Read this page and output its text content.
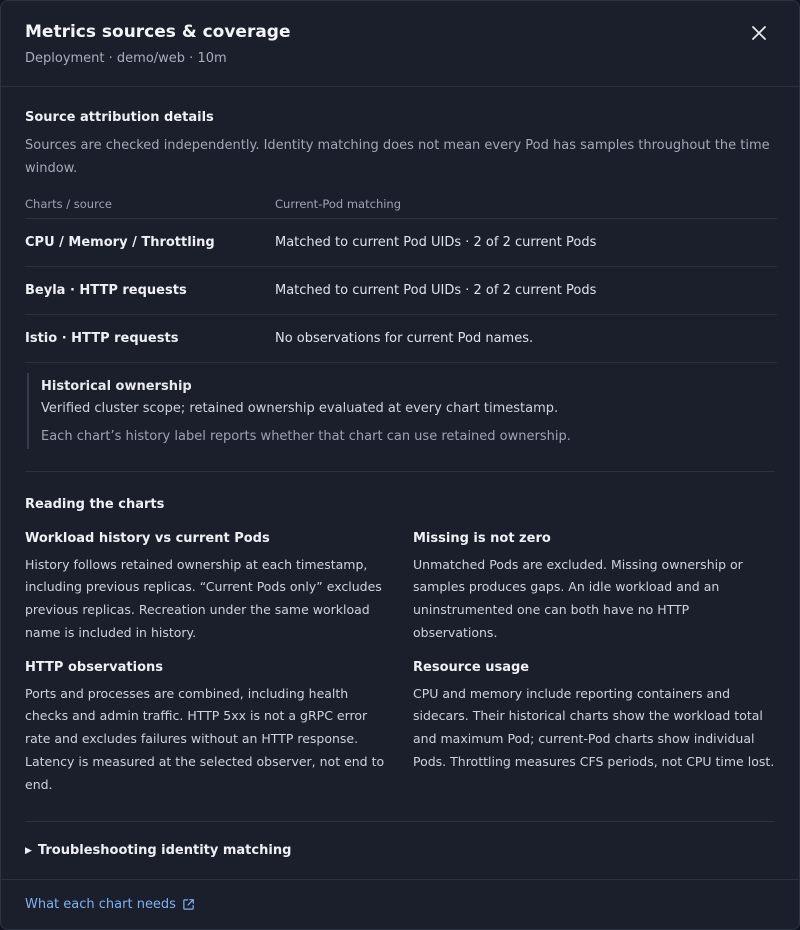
Metrics sources & coverage
Deployment · demo/web · 10m
Source attribution details
Sources are checked independently. Identity matching does not mean every Pod has samples throughout the time window.
Charts / source	Current-Pod matching
CPU / Memory / Throttling	Matched to current Pod UIDs · 2 of 2 current Pods
Beyla · HTTP requests	Matched to current Pod UIDs · 2 of 2 current Pods
Istio · HTTP requests	No observations for current Pod names.
Historical ownership
Verified cluster scope; retained ownership evaluated at every chart timestamp.
Each chart’s history label reports whether that chart can use retained ownership.
Reading the charts
Workload history vs current Pods

History follows retained ownership at each timestamp, including previous replicas. “Current Pods only” excludes previous replicas. Recreation under the same workload name is included in history.

Missing is not zero

Unmatched Pods are excluded. Missing ownership or samples produces gaps. An idle workload and an uninstrumented one can both have no HTTP observations.

HTTP observations

Ports and processes are combined, including health checks and admin traffic. HTTP 5xx is not a gRPC error rate and excludes failures without an HTTP response. Latency is measured at the selected observer, not end to end.

Resource usage

CPU and memory include reporting containers and sidecars. Their historical charts show the workload total and maximum Pod; current-Pod charts show individual Pods. Throttling measures CFS periods, not CPU time lost.

▶ Troubleshooting identity matching
What each chart needs
